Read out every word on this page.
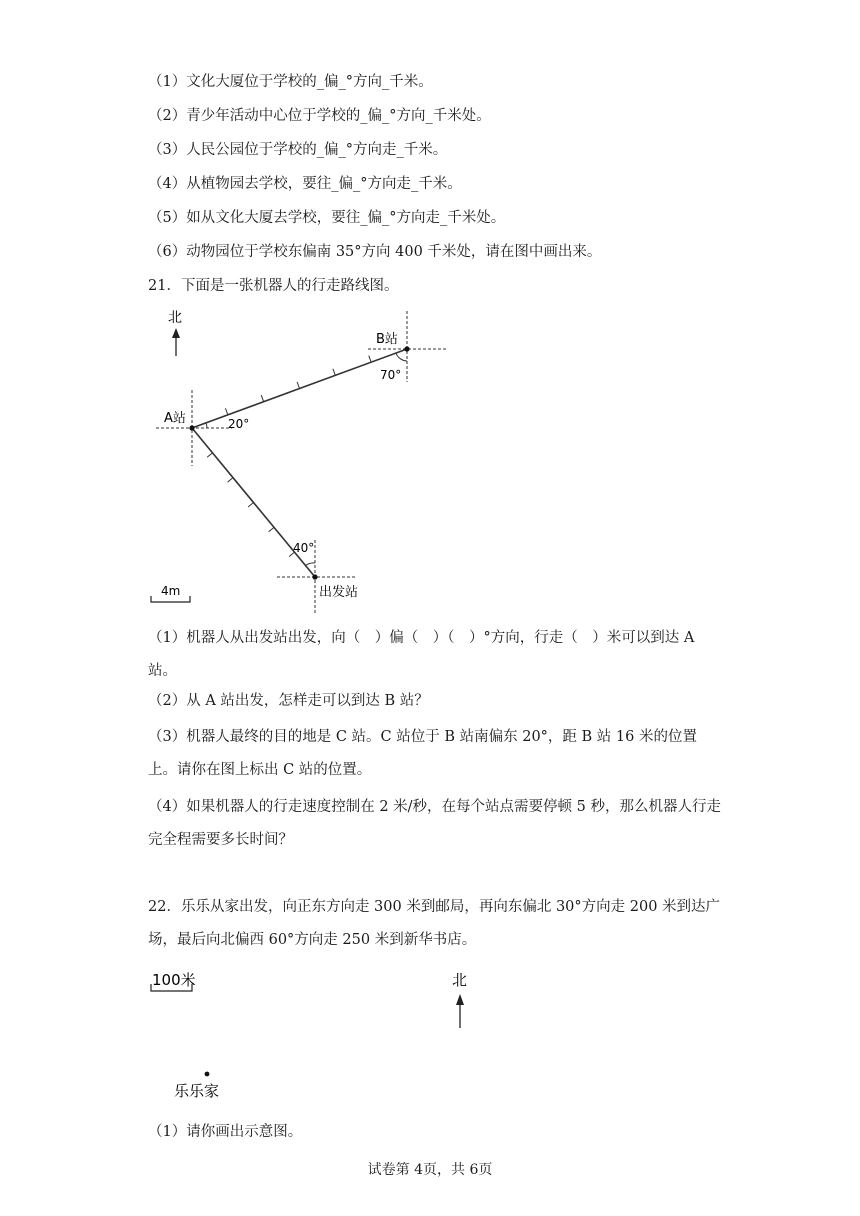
（1）文化大厦位于学校的_偏_°方向_千米。
（2）青少年活动中心位于学校的_偏_°方向_千米处。
（3）人民公园位于学校的_偏_°方向走_千米。
（4）从植物园去学校，要往_偏_°方向走_千米。
（5）如从文化大厦去学校，要往_偏_°方向走_千米处。
（6）动物园位于学校东偏南 35°方向 400 千米处，请在图中画出来。
21．下面是一张机器人的行走路线图。
北
B站
70°
A站	20°
出发站
40°
4m
（1）机器人从出发站出发，向（　）偏（　）（　）°方向，行走（　）米可以到达 A 站。
（2）从 A 站出发，怎样走可以到达 B 站？
（3）机器人最终的目的地是 C 站。C 站位于 B 站南偏东 20°，距 B 站 16 米的位置上。请你在图上标出 C 站的位置。
（4）如果机器人的行走速度控制在 2 米/秒，在每个站点需要停顿 5 秒，那么机器人行走完全程需要多长时间？
22．乐乐从家出发，向正东方向走 300 米到邮局，再向东偏北 30°方向走 200 米到达广场，最后向北偏西 60°方向走 250 米到新华书店。
100米	北
乐乐家
（1）请你画出示意图。
试卷第 4页，共 6页
